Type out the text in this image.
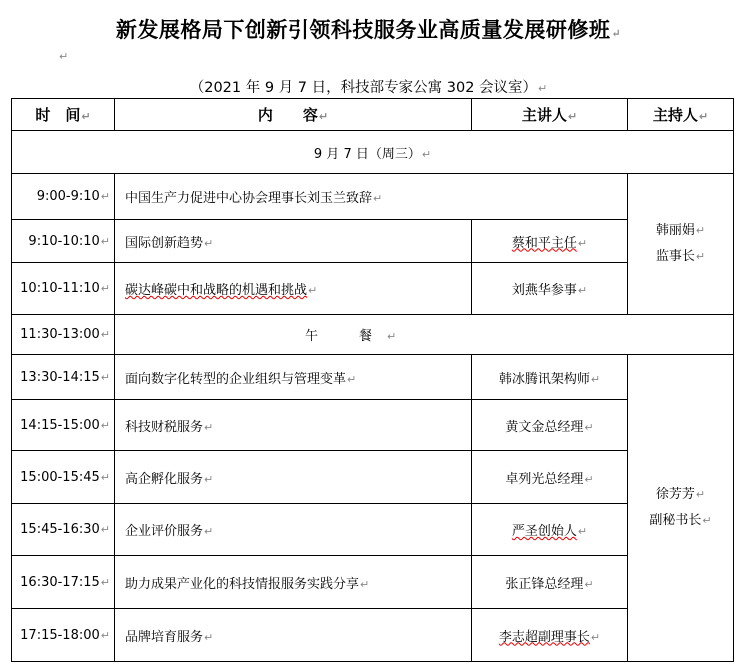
新发展格局下创新引领科技服务业高质量发展研修班↵
↵
（2021 年 9 月 7 日，科技部专家公寓 302 会议室）↵
时　间↵	内　　容↵	主讲人↵	主持人↵
9 月 7 日（周三）↵			
9:00-9:10↵	中国生产力促进中心协会理事长刘玉兰致辞↵		韩丽娟↵
监事长↵
9:10-10:10↵	国际创新趋势↵	蔡和平主任↵	
10:10-11:10↵	碳达峰碳中和战略的机遇和挑战↵	刘燕华参事↵	
11:30-13:00↵	午　餐↵		
13:30-14:15↵	面向数字化转型的企业组织与管理变革↵	韩冰腾讯架构师↵	徐芳芳↵
副秘书长↵
14:15-15:00↵	科技财税服务↵	黄文金总经理↵	
15:00-15:45↵	高企孵化服务↵	卓列光总经理↵	
15:45-16:30↵	企业评价服务↵	严圣创始人↵	
16:30-17:15↵	助力成果产业化的科技情报服务实践分享↵	张正锋总经理↵	
17:15-18:00↵	品牌培育服务↵	李志超副理事长↵	
